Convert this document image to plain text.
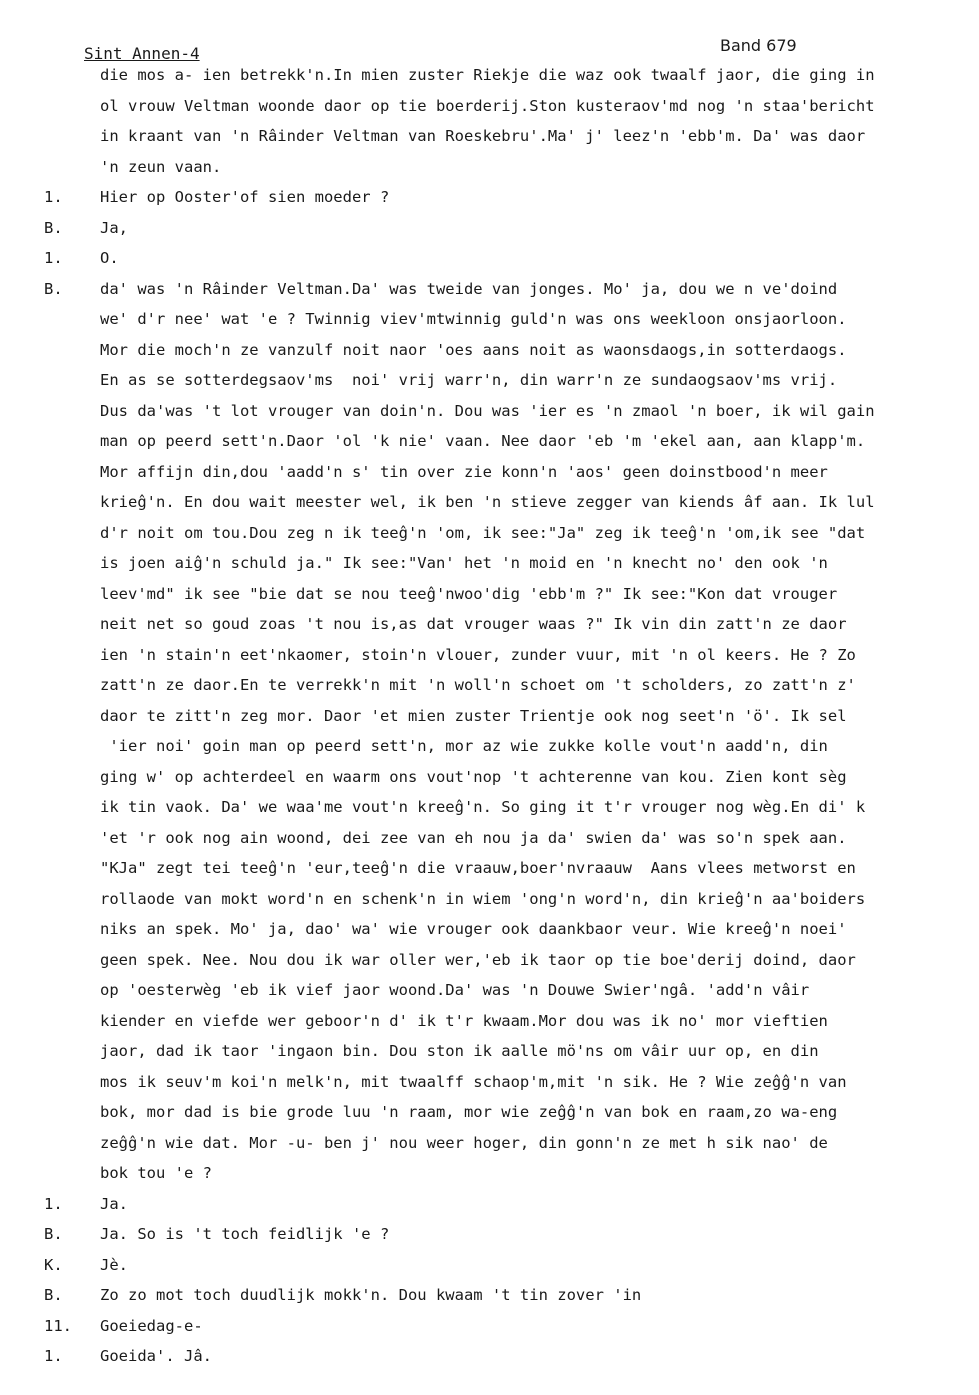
Sint Annen-4	Band 679
die mos a- ien betrekk'n.In mien zuster Riekje die waz ook twaalf jaor, die ging in
ol vrouw Veltman woonde daor op tie boerderij.Ston kusteraov'md nog 'n staa'bericht
in kraant van 'n Râinder Veltman van Roeskebru'.Ma' j' leez'n 'ebb'm. Da' was daor
'n zeun vaan.
1.	Hier op Ooster'of sien moeder ?
B.	Ja,
1.	O.
B.	da' was 'n Râinder Veltman.Da' was tweide van jonges. Mo' ja, dou we n ve'doind
we' d'r nee' wat 'e ? Twinnig viev'mtwinnig guld'n was ons weekloon onsjaorloon.
Mor die moch'n ze vanzulf noit naor 'oes aans noit as waonsdaogs,in sotterdaogs.
En as se sotterdegsaov'ms  noi' vrij warr'n, din warr'n ze sundaogsaov'ms vrij.
Dus da'was 't lot vrouger van doin'n. Dou was 'ier es 'n zmaol 'n boer, ik wil gain
man op peerd sett'n.Daor 'ol 'k nie' vaan. Nee daor 'eb 'm 'ekel aan, aan klapp'm.
Mor affijn din,dou 'aadd'n s' tin over zie konn'n 'aos' geen doinstbood'n meer
krieĝ'n. En dou wait meester wel, ik ben 'n stieve zegger van kiends âf aan. Ik lul
d'r noit om tou.Dou zeg n ik teeĝ'n 'om, ik see:"Ja" zeg ik teeĝ'n 'om,ik see "dat
is joen aiĝ'n schuld ja." Ik see:"Van' het 'n moid en 'n knecht no' den ook 'n
leev'md" ik see "bie dat se nou teeĝ'nwoo'dig 'ebb'm ?" Ik see:"Kon dat vrouger
neit net so goud zoas 't nou is,as dat vrouger waas ?" Ik vin din zatt'n ze daor
ien 'n stain'n eet'nkaomer, stoin'n vlouer, zunder vuur, mit 'n ol keers. He ? Zo
zatt'n ze daor.En te verrekk'n mit 'n woll'n schoet om 't scholders, zo zatt'n z'
daor te zitt'n zeg mor. Daor 'et mien zuster Trientje ook nog seet'n 'ö'. Ik sel
'ier noi' goin man op peerd sett'n, mor az wie zukke kolle vout'n aadd'n, din
ging w' op achterdeel en waarm ons vout'nop 't achterenne van kou. Zien kont sèg
ik tin vaok. Da' we waa'me vout'n kreeĝ'n. So ging it t'r vrouger nog wèg.En di' k
'et 'r ook nog ain woond, dei zee van eh nou ja da' swien da' was so'n spek aan.
"KJa" zegt tei teeĝ'n 'eur,teeĝ'n die vraauw,boer'nvraauw  Aans vlees metworst en
rollaode van mokt word'n en schenk'n in wiem 'ong'n word'n, din krieĝ'n aa'boiders
niks an spek. Mo' ja, dao' wa' wie vrouger ook daankbaor veur. Wie kreeĝ'n noei'
geen spek. Nee. Nou dou ik war oller wer,'eb ik taor op tie boe'derij doind, daor
op 'oesterwèg 'eb ik vief jaor woond.Da' was 'n Douwe Swier'ngâ. 'add'n vâir
kiender en viefde wer geboor'n d' ik t'r kwaam.Mor dou was ik no' mor vieftien
jaor, dad ik taor 'ingaon bin. Dou ston ik aalle mö'ns om vâir uur op, en din
mos ik seuv'm koi'n melk'n, mit twaalff schaop'm,mit 'n sik. He ? Wie zeĝĝ'n van
bok, mor dad is bie grode luu 'n raam, mor wie zeĝĝ'n van bok en raam,zo wa-eng
zeĝĝ'n wie dat. Mor -u- ben j' nou weer hoger, din gonn'n ze met h sik nao' de
bok tou 'e ?
1.	Ja.
B.	Ja. So is 't toch feidlijk 'e ?
K.	Jè.
B.	Zo zo mot toch duudlijk mokk'n. Dou kwaam 't tin zover 'in
11.	Goeiedag-e-
1.	Goeida'. Jâ.
